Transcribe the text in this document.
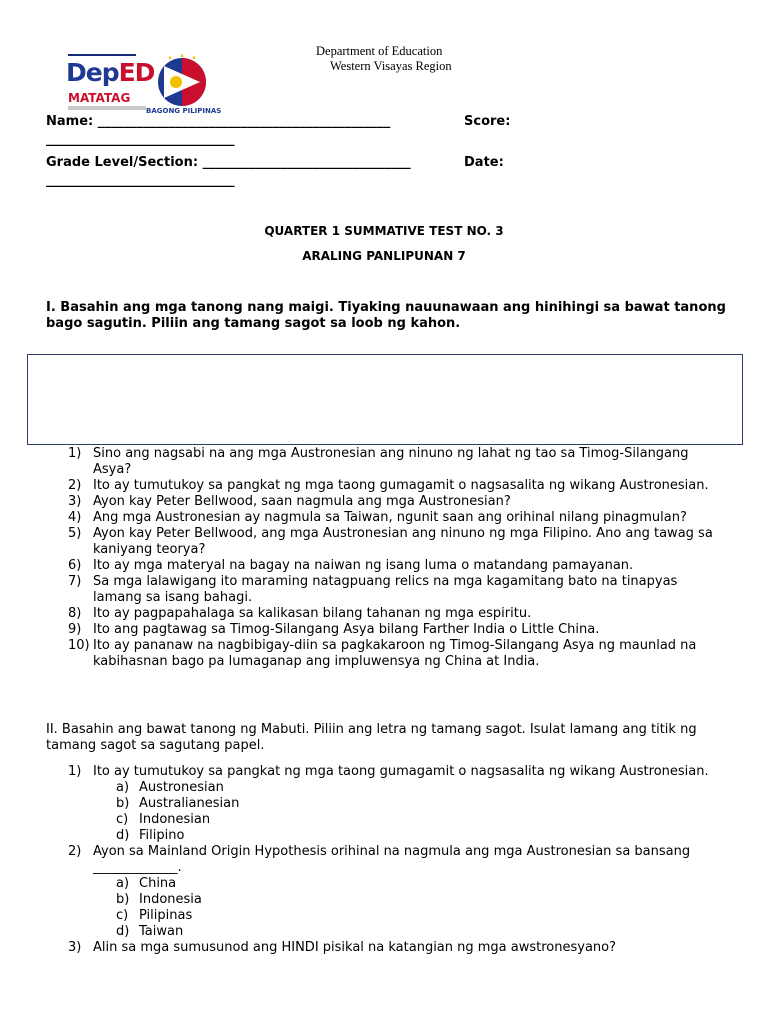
DepED
MATATAG
BAGONG PILIPINAS
Department of Education
Western Visayas Region
Name: _____________________________________________	Score:
_____________________________
Grade Level/Section: ________________________________	Date:
_____________________________
QUARTER 1 SUMMATIVE TEST NO. 3
ARALING PANLIPUNAN 7
I. Basahin ang mga tanong nang maigi. Tiyaking nauunawaan ang hinihingi sa bawat tanong bago sagutin. Piliin ang tamang sagot sa loob ng kahon.
1) Sino ang nagsabi na ang mga Austronesian ang ninuno ng lahat ng tao sa Timog-Silangang Asya?
2) Ito ay tumutukoy sa pangkat ng mga taong gumagamit o nagsasalita ng wikang Austronesian.
3) Ayon kay Peter Bellwood, saan nagmula ang mga Austronesian?
4) Ang mga Austronesian ay nagmula sa Taiwan, ngunit saan ang orihinal nilang pinagmulan?
5) Ayon kay Peter Bellwood, ang mga Austronesian ang ninuno ng mga Filipino. Ano ang tawag sa kaniyang teorya?
6) Ito ay mga materyal na bagay na naiwan ng isang luma o matandang pamayanan.
7) Sa mga lalawigang ito maraming natagpuang relics na mga kagamitang bato na tinapyas lamang sa isang bahagi.
8) Ito ay pagpapahalaga sa kalikasan bilang tahanan ng mga espiritu.
9) Ito ang pagtawag sa Timog-Silangang Asya bilang Farther India o Little China.
10) Ito ay pananaw na nagbibigay-diin sa pagkakaroon ng Timog-Silangang Asya ng maunlad na kabihasnan bago pa lumaganap ang impluwensya ng China at India.
II. Basahin ang bawat tanong ng Mabuti. Piliin ang letra ng tamang sagot. Isulat lamang ang titik ng tamang sagot sa sagutang papel.
1) Ito ay tumutukoy sa pangkat ng mga taong gumagamit o nagsasalita ng wikang Austronesian.
a) Austronesian
b) Australianesian
c) Indonesian
d) Filipino
2) Ayon sa Mainland Origin Hypothesis orihinal na nagmula ang mga Austronesian sa bansang _____________.
a) China
b) Indonesia
c) Pilipinas
d) Taiwan
3) Alin sa mga sumusunod ang HINDI pisikal na katangian ng mga awstronesyano?
